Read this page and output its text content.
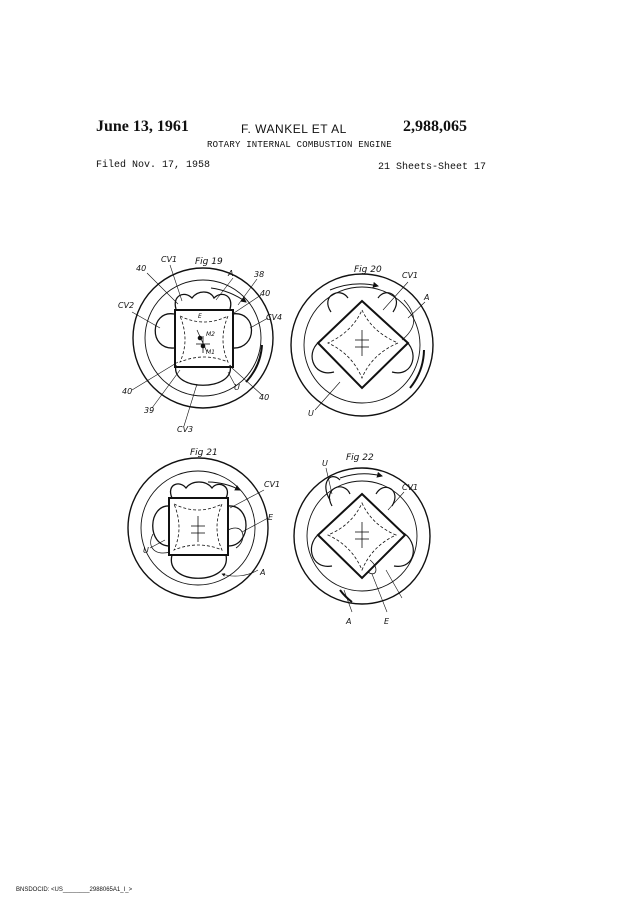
June 13, 1961	F. WANKEL ET AL	2,988,065
ROTARY INTERNAL COMBUSTION ENGINE
Filed Nov. 17, 1958	21 Sheets-Sheet 17
Fig 19
CV1
40
A	38
40
CV4
CV2
E
M2
M1
40
39
CV3
U
40
Fig 20
CV1
A
U
Fig 21
CV1
E
U
A
Fig 22
U
CV1
A	E
BNSDOCID: <US________2988065A1_I_>
